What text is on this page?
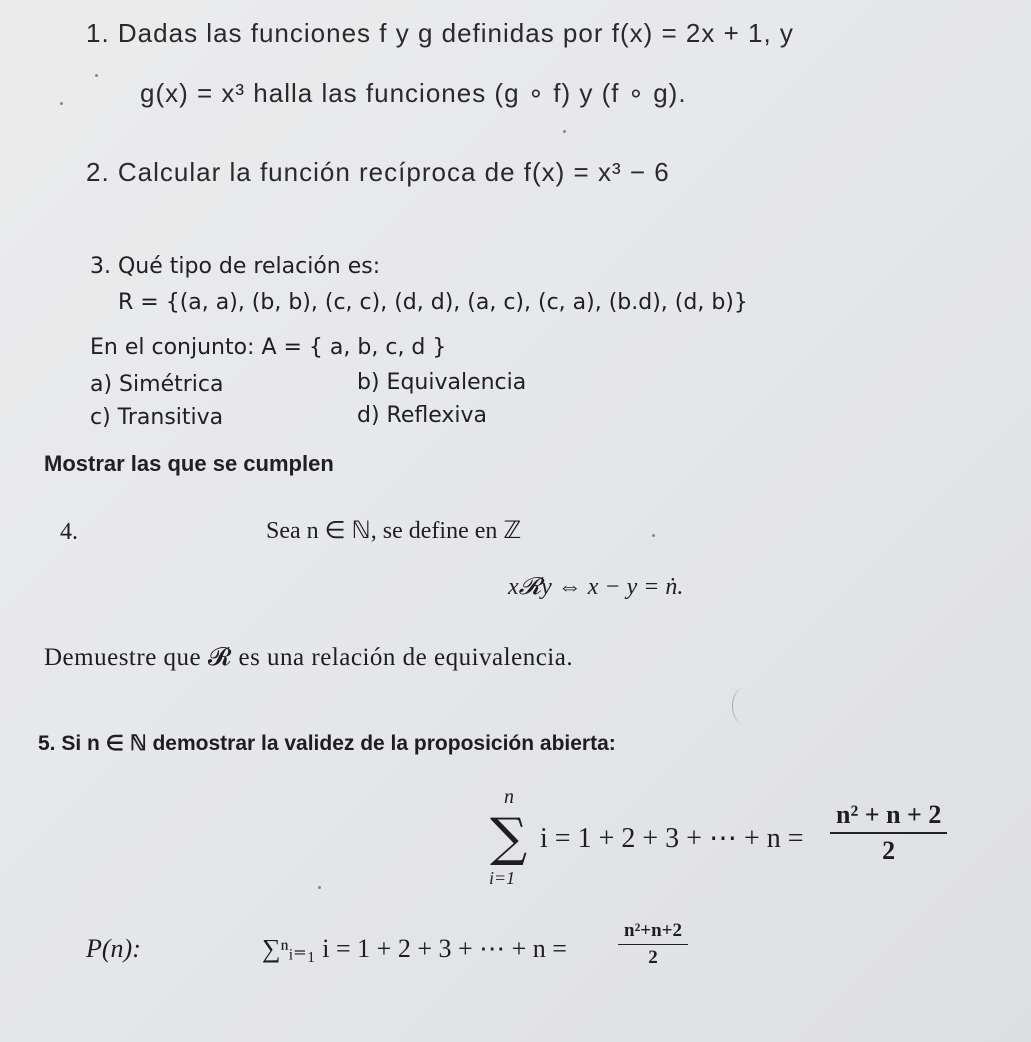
1. Dadas las funciones f y g definidas por f(x) = 2x + 1, y
g(x) = x³ halla las funciones (g ∘ f) y (f ∘ g).
2. Calcular la función recíproca de f(x) = x³ − 6
3. Qué tipo de relación es:
R = {(a, a), (b, b), (c, c), (d, d), (a, c), (c, a), (b.d), (d, b)}
En el conjunto: A = { a, b, c, d }
a) Simétrica	b) Equivalencia
c) Transitiva	d) Reflexiva
Mostrar las que se cumplen
4.	Sea n ∈ ℕ, se define en ℤ
x𝓡y ⇔ x − y = ṅ.
Demuestre que 𝓡 es una relación de equivalencia.
5. Si n ∈ ℕ demostrar la validez de la proposición abierta:
n
∑
i=1
i = 1 + 2 + 3 + ⋯ + $n = \frac{\text{n² + n + 2}}{2}$
P(n):	∑ⁿᵢ₌₁ i = 1 + 2 + 3 + ⋯ + n =	$\frac{\text{n²+n+2}}{2}$
